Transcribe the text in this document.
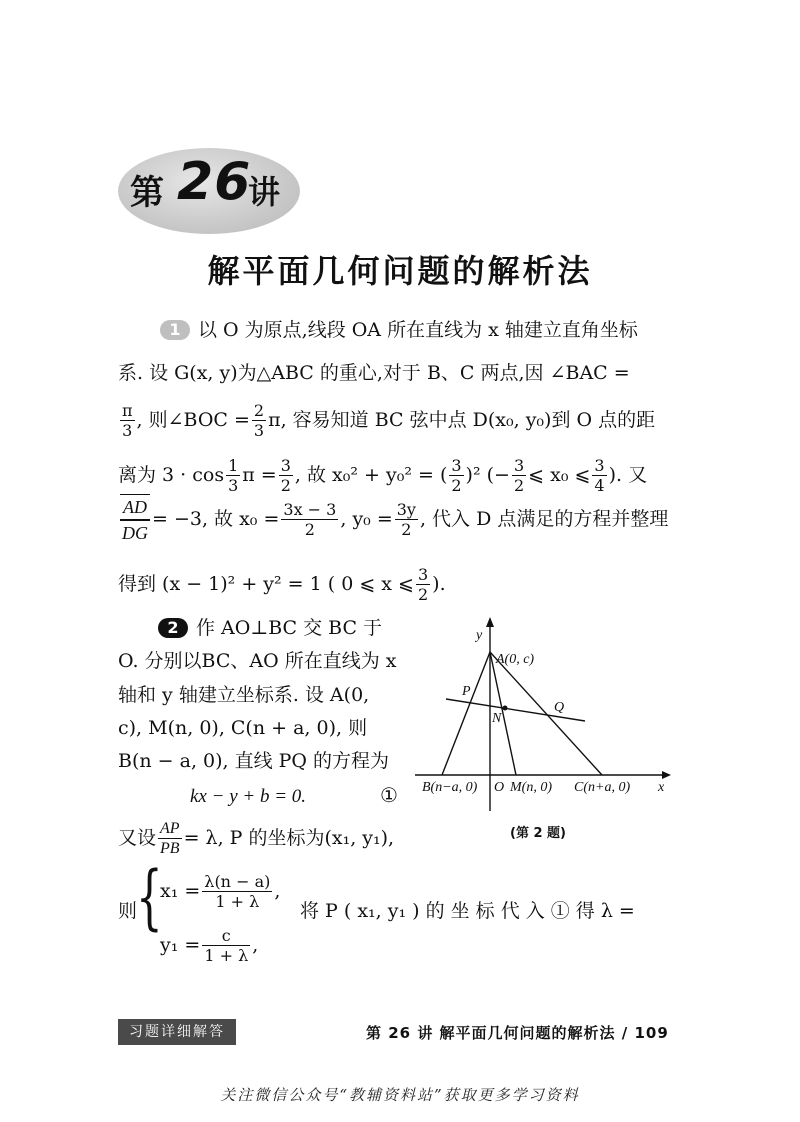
第 26
讲
解平面几何问题的解析法
1 以 O 为原点,线段 OA 所在直线为 x 轴建立直角坐标
系. 设 G(x, y)为△ABC 的重心,对于 B、C 两点,因 ∠BAC =
$\frac{\pi}{3}$ , 则∠BOC = $\frac{2}{3} \pi$, 容易知道 BC 弦中点 D(x₀, y₀)到 O 点的距
离为 $3 \cdot \cos \frac{1}{3}$ $\pi = \frac{3}{2}$ , 故 x₀² + y₀² = ( $\frac{3}{2} )^2$ (− $\frac{3}{2}$ ⩽ x₀ ⩽ $\frac{3}{4}$ ). 又
$\frac{AD}{DG} = -3$, 故 $x_0 = \frac{3x - 3}{2}$ , $y_0 = \frac{3y}{2}$ , 代入 D 点满足的方程并整理
得到 (x − 1)² + y² = 1 ( 0 ⩽ x ⩽ $\frac{3}{2}$ ).
2 作 AO⊥BC 交 BC 于
O. 分别以BC、AO 所在直线为 x
轴和 y 轴建立坐标系. 设 A(0,
c), M(n, 0), C(n + a, 0), 则
B(n − a, 0), 直线 PQ 的方程为
kx − y + b = 0.	①
又设 $\frac{AP}{PB} = \lambda$, P 的坐标为(x₁, y₁),
则
{
$x_1 = \frac{\lambda(n - a)}{1 + \lambda}$ ,
$y_1 = \frac{c}{1 + \lambda}$ ,
将 P ( x₁, y₁ ) 的 坐 标 代 入 ① 得 λ =
y
x
A(0, c)
P
Q
N
B(n−a, 0) O M(n, 0) C(n+a, 0)
(第 2 题)
习题详细解答	第 26 讲 解平面几何问题的解析法 / 109
关注微信公众号“教辅资料站”获取更多学习资料
